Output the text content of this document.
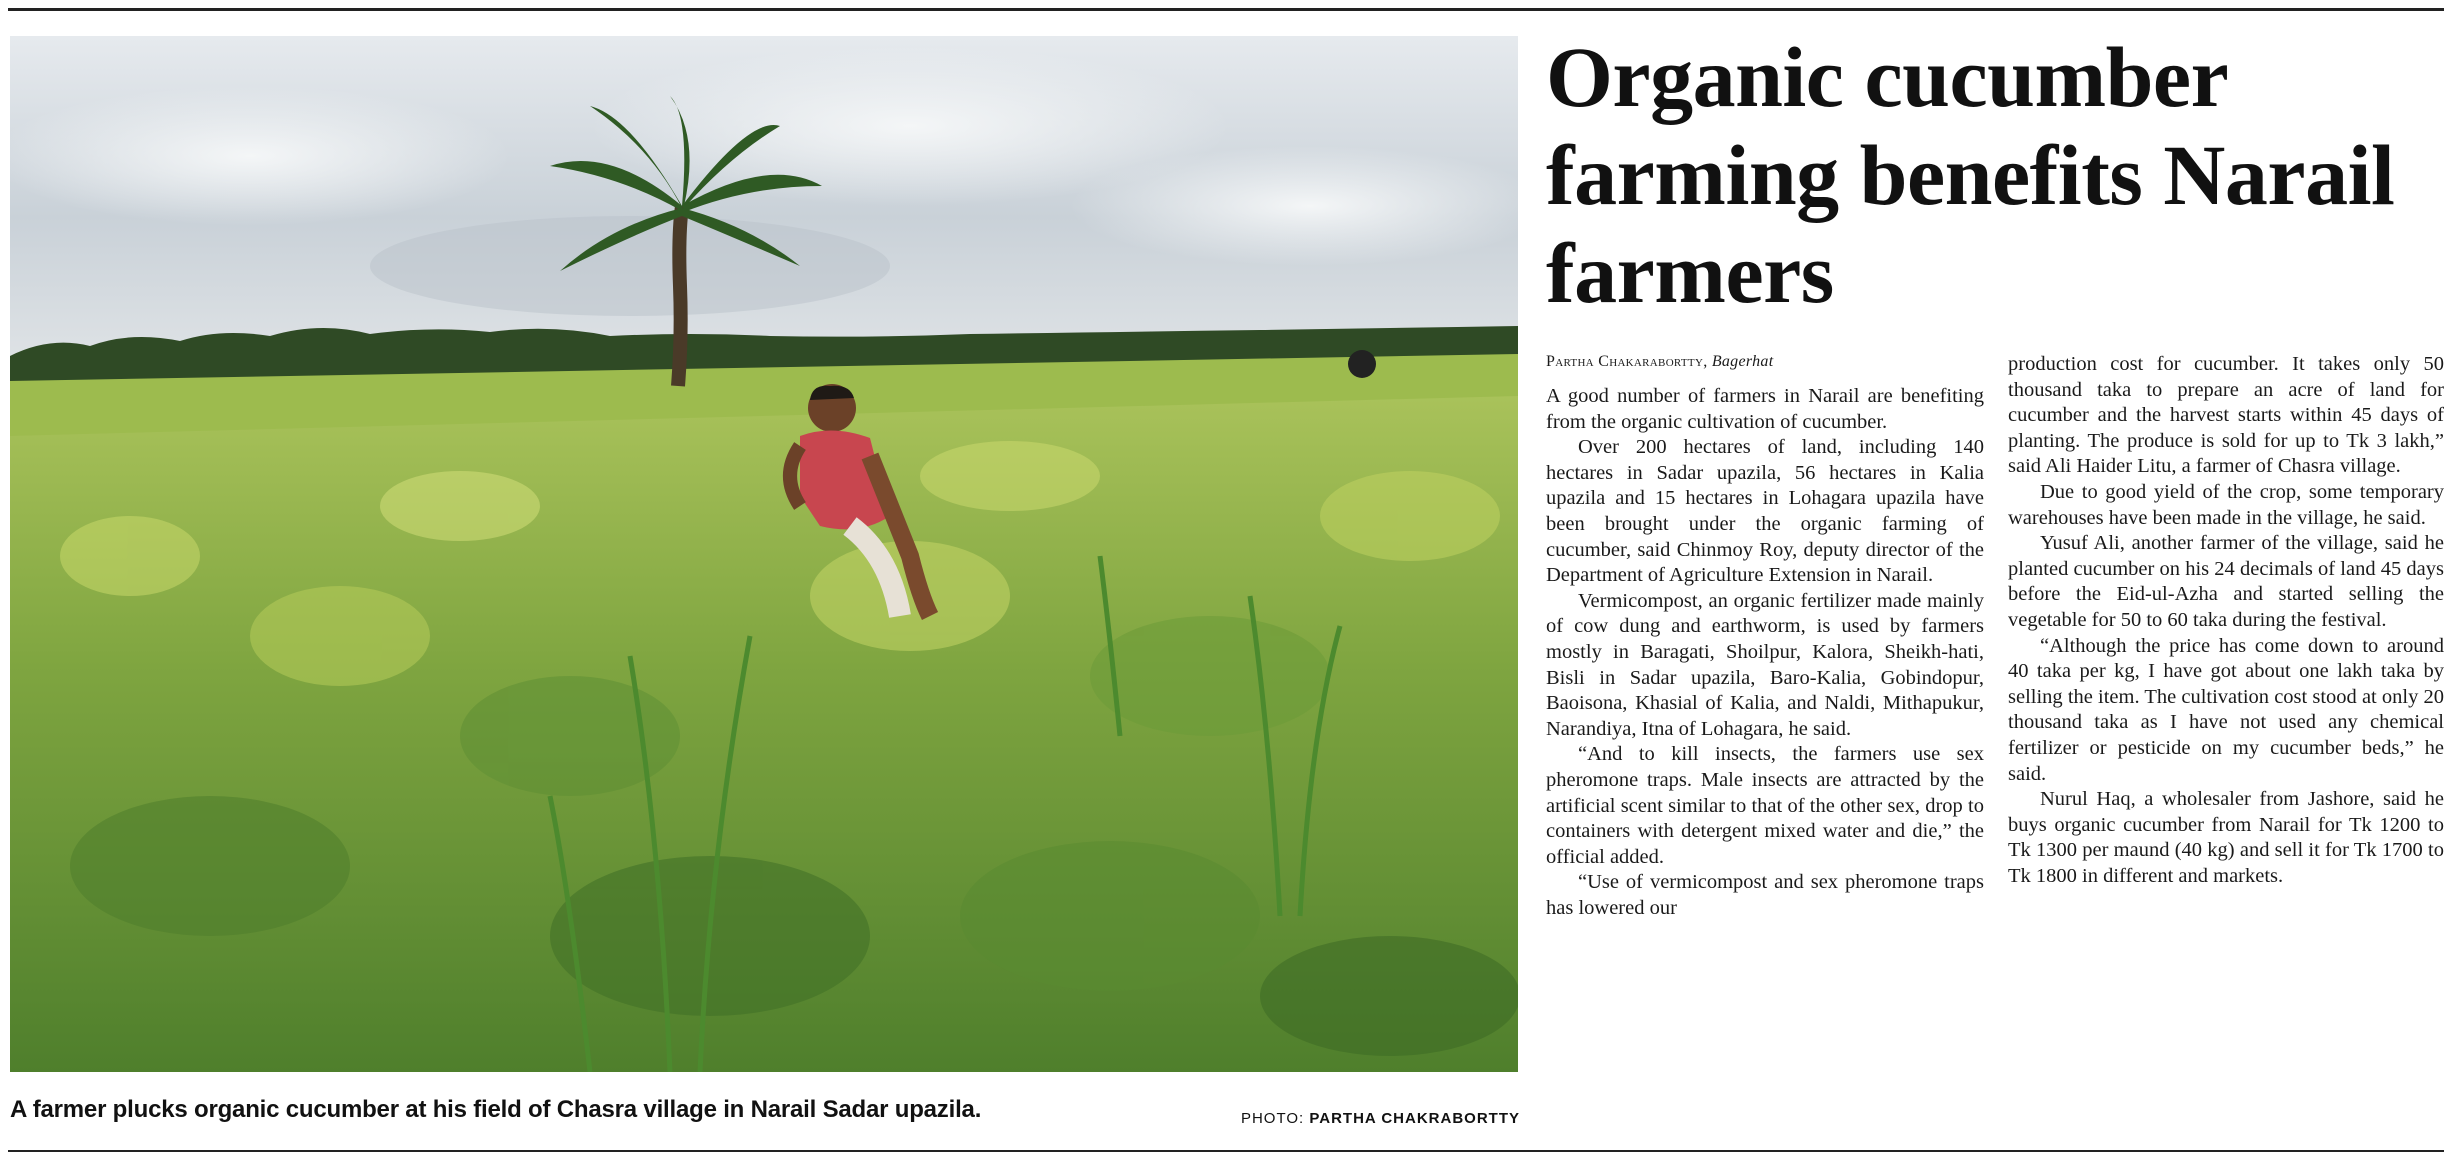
A farmer plucks organic cucumber at his field of Chasra village in Narail Sadar upazila.	PHOTO: PARTHA CHAKRABORTTY
Organic cucumber farming benefits Narail farmers
Partha Chakarabortty, Bagerhat

A good number of farmers in Narail are benefiting from the organic cultivation of cucumber.

Over 200 hectares of land, including 140 hectares in Sadar upazila, 56 hectares in Kalia upazila and 15 hectares in Lohagara upazila have been brought under the organic farming of cucumber, said Chinmoy Roy, deputy director of the Department of Agriculture Extension in Narail.

Vermicompost, an organic fertilizer made mainly of cow dung and earthworm, is used by farmers mostly in Baragati, Shoilpur, Kalora, Sheikh-hati, Bisli in Sadar upazila, Baro-Kalia, Gobindopur, Baoisona, Khasial of Kalia, and Naldi, Mithapukur, Narandiya, Itna of Lohagara, he said.

“And to kill insects, the farmers use sex pheromone traps. Male insects are attracted by the artificial scent similar to that of the other sex, drop to containers with detergent mixed water and die,” the official added.

“Use of vermicompost and sex pheromone traps has lowered our

production cost for cucumber. It takes only 50 thousand taka to prepare an acre of land for cucumber and the harvest starts within 45 days of planting. The produce is sold for up to Tk 3 lakh,” said Ali Haider Litu, a farmer of Chasra village.

Due to good yield of the crop, some temporary warehouses have been made in the village, he said.

Yusuf Ali, another farmer of the village, said he planted cucumber on his 24 decimals of land 45 days before the Eid-ul-Azha and started selling the vegetable for 50 to 60 taka during the festival.

“Although the price has come down to around 40 taka per kg, I have got about one lakh taka by selling the item. The cultivation cost stood at only 20 thousand taka as I have not used any chemical fertilizer or pesticide on my cucumber beds,” he said.

Nurul Haq, a wholesaler from Jashore, said he buys organic cucumber from Narail for Tk 1200 to Tk 1300 per maund (40 kg) and sell it for Tk 1700 to Tk 1800 in different and markets.
